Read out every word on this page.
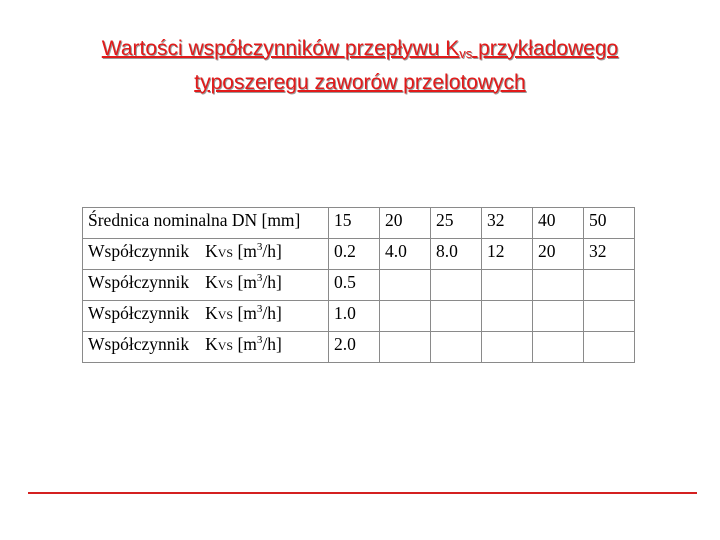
Wartości współczynników przepływu $K_{vs}$ przykładowego
typoszeregu zaworów przelotowych
Średnica nominalna DN [mm]	15	20	25	32	40	50
Współczynnik KVS $[m^3/h]$	0.2	4.0	8.0	12	20	32
Współczynnik KVS $[m^3/h]$	0.5					
Współczynnik KVS $[m^3/h]$	1.0					
Współczynnik KVS $[m^3/h]$	2.0					
